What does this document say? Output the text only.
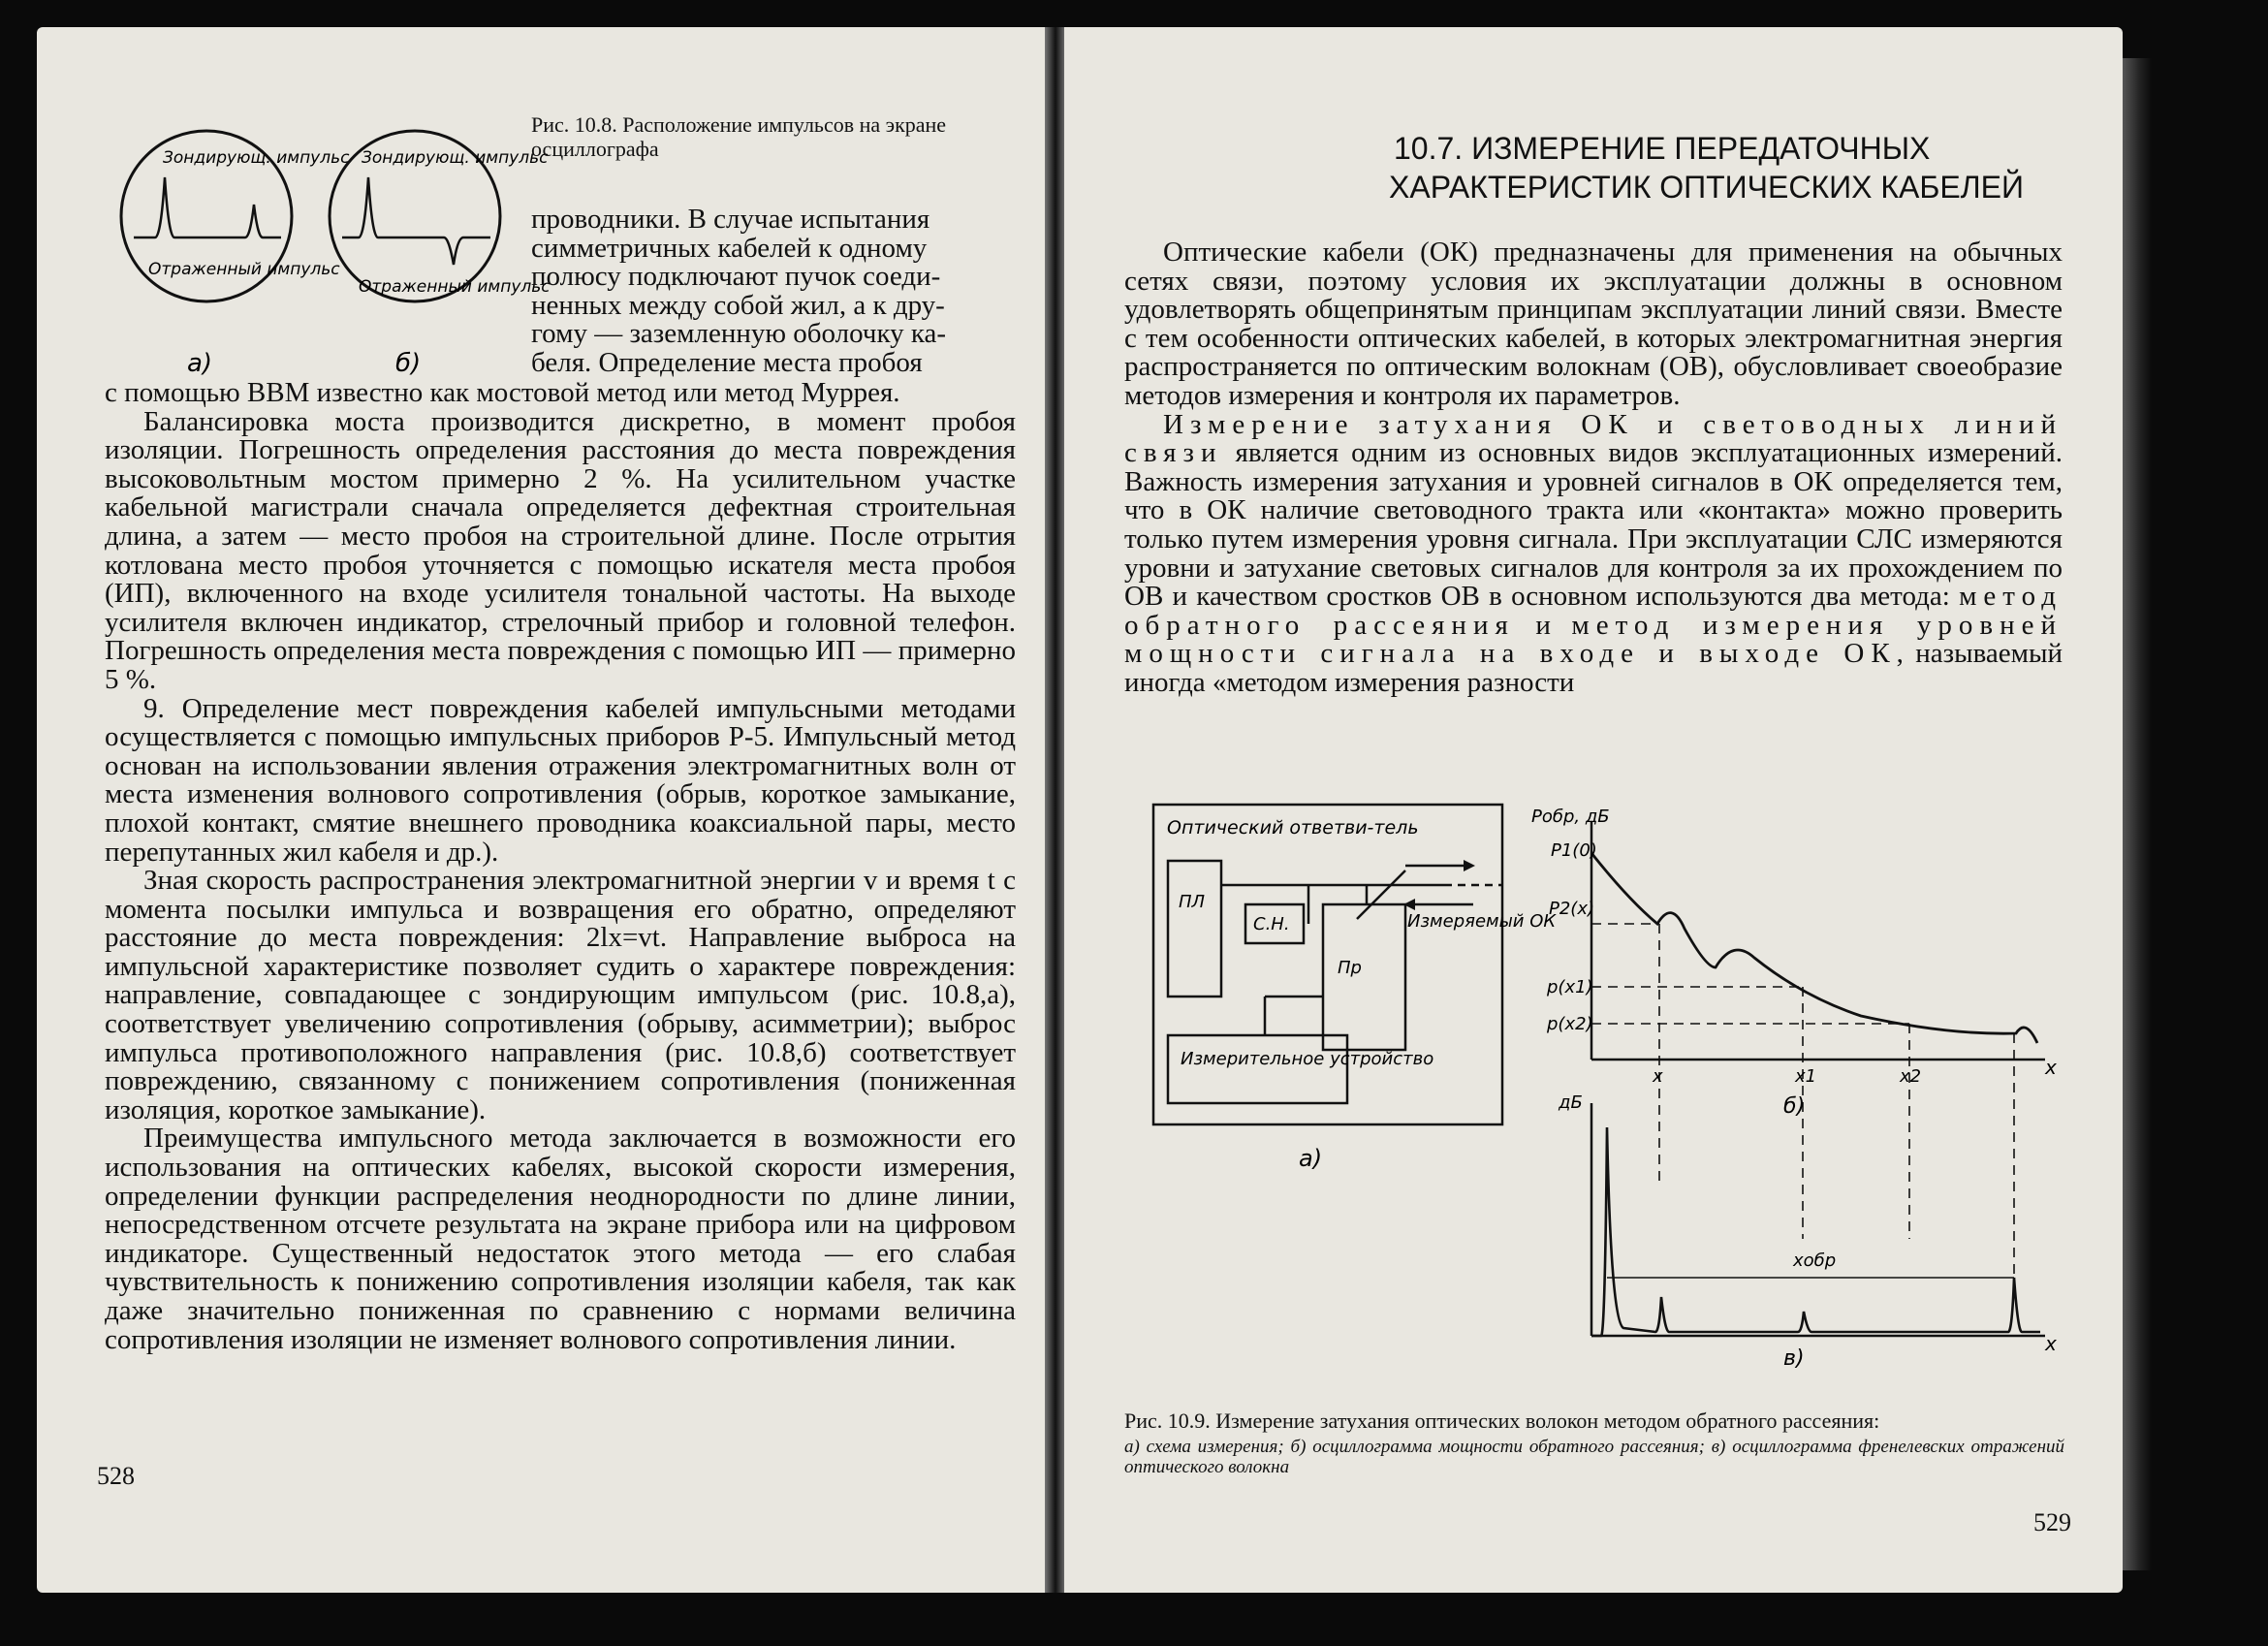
Зондирующ. импульс
Отраженный импульс
а)
Зондирующ. импульс
Отраженный импульс
б)
Рис. 10.8. Расположение импульсов на экране осциллографа

проводники. В случае испытания

симметричных кабелей к одному

полюсу подключают пучок соеди-

ненных между собой жил, а к дру-

гому — заземленную оболочку ка-

беля. Определение места пробоя

с помощью ВВМ известно как мостовой метод или метод Муррея.

Балансировка моста производится дискретно, в момент пробоя изоляции. Погрешность определения расстояния до места повреждения высоковольтным мостом примерно 2 %. На усилительном участке кабельной магистрали сначала определяется дефектная строительная длина, а затем — место пробоя на строительной длине. После отрытия котлована место пробоя уточняется с помощью искателя места пробоя (ИП), включенного на входе усилителя тональной частоты. На выходе усилителя включен индикатор, стрелочный прибор и головной телефон. Погрешность определения места повреждения с помощью ИП — примерно 5 %.

9. Определение мест повреждения кабелей импульсными методами осуществляется с помощью импульсных приборов Р-5. Импульсный метод основан на использовании явления отражения электромагнитных волн от места изменения волнового сопротивления (обрыв, короткое замыкание, плохой контакт, смятие внешнего проводника коаксиальной пары, место перепутанных жил кабеля и др.).

Зная скорость распространения электромагнитной энергии v и время t с момента посылки импульса и возвращения его обратно, определяют расстояние до места повреждения: 2lx=vt. Направление выброса на импульсной характеристике позволяет судить о характере повреждения: направление, совпадающее с зондирующим импульсом (рис. 10.8,а), соответствует увеличению сопротивления (обрыву, асимметрии); выброс импульса противоположного направления (рис. 10.8,б) соответствует повреждению, связанному с понижением сопротивления (пониженная изоляция, короткое замыкание).

Преимущества импульсного метода заключается в возможности его использования на оптических кабелях, высокой скорости измерения, определении функции распределения неоднородности по длине линии, непосредственном отсчете результата на экране прибора или на цифровом индикаторе. Существенный недостаток этого метода — его слабая чувствительность к понижению сопротивления изоляции кабеля, так как даже значительно пониженная по сравнению с нормами величина сопротивления изоляции не изменяет волнового сопротивления линии.

528
10.7. ИЗМЕРЕНИЕ ПЕРЕДАТОЧНЫХ
ХАРАКТЕРИСТИК ОПТИЧЕСКИХ КАБЕЛЕЙ

Оптические кабели (ОК) предназначены для применения на обычных сетях связи, поэтому условия их эксплуатации должны в основном удовлетворять общепринятым принципам эксплуатации линий связи. Вместе с тем особенности оптических кабелей, в которых электромагнитная энергия распространяется по оптическим волокнам (ОВ), обусловливает своеобразие методов измерения и контроля их параметров.

Измерение затухания ОК и световодных линий связи является одним из основных видов эксплуатационных измерений. Важность измерения затухания и уровней сигналов в ОК определяется тем, что в ОК наличие световодного тракта или «контакта» можно проверить только путем измерения уровня сигнала. При эксплуатации СЛС измеряются уровни и затухание световых сигналов для контроля за их прохождением по ОВ и качеством сростков ОВ в основном используются два метода: метод обратного рассеяния и метод измерения уровней мощности сигнала на входе и выходе ОК, называемый иногда «методом измерения разности

Оптический ответви-тель
ПЛ
С.Н.
Пр
Измерительное устройство
Измеряемый ОК
а)
Pобр, дБ
P1(0)
P2(x)
p(x1)
p(x2)
x	x1	x2	x
б)
дБ
xобр
x
в)

Рис. 10.9. Измерение затухания оптических волокон методом обратного рассеяния:

а) схема измерения; б) осциллограмма мощности обратного рассеяния; в) осциллограмма френелевских отражений оптического волокна

529
